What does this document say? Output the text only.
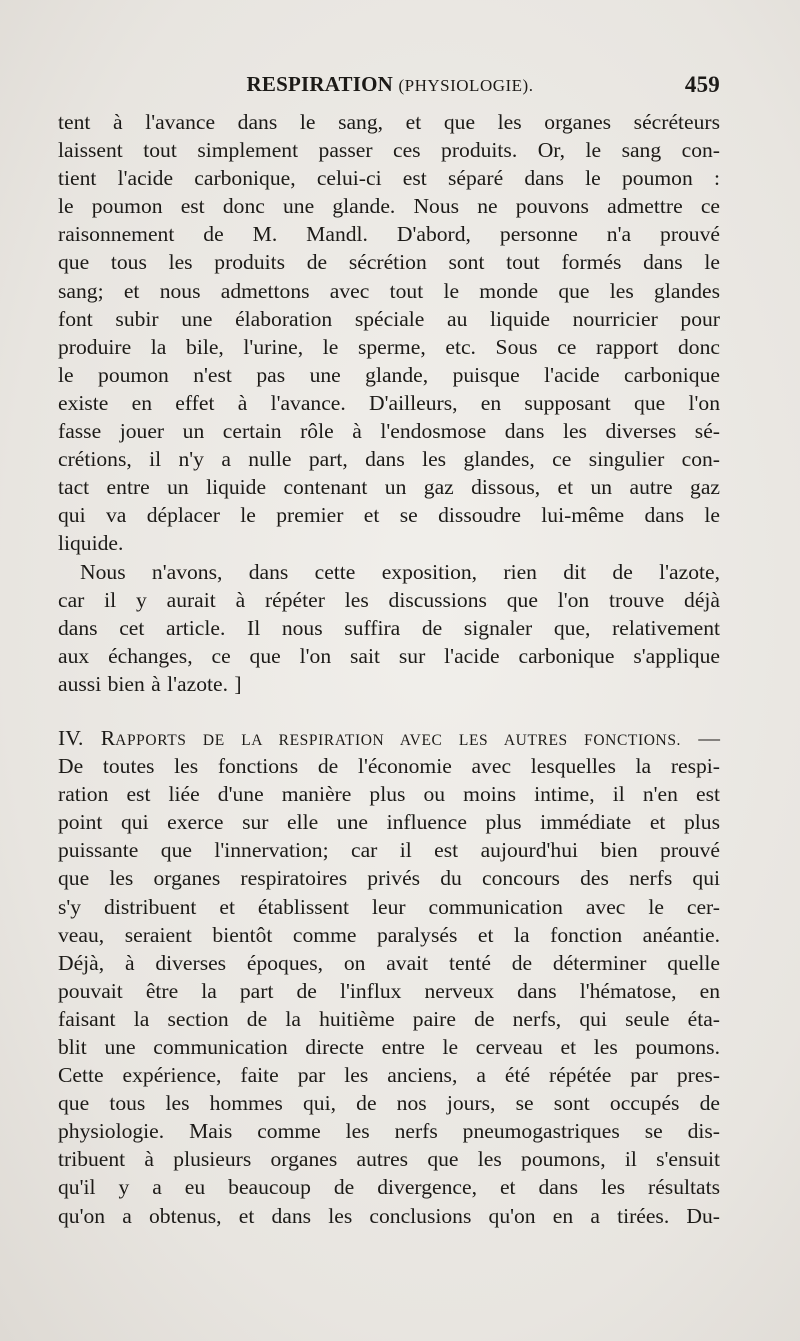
RESPIRATION (PHYSIOLOGIE).	459
tent à l'avance dans le sang, et que les organes sécréteurs
laissent tout simplement passer ces produits. Or, le sang con-
tient l'acide carbonique, celui-ci est séparé dans le poumon :
le poumon est donc une glande. Nous ne pouvons admettre ce
raisonnement de M. Mandl. D'abord, personne n'a prouvé
que tous les produits de sécrétion sont tout formés dans le
sang; et nous admettons avec tout le monde que les glandes
font subir une élaboration spéciale au liquide nourricier pour
produire la bile, l'urine, le sperme, etc. Sous ce rapport donc
le poumon n'est pas une glande, puisque l'acide carbonique
existe en effet à l'avance. D'ailleurs, en supposant que l'on
fasse jouer un certain rôle à l'endosmose dans les diverses sé-
crétions, il n'y a nulle part, dans les glandes, ce singulier con-
tact entre un liquide contenant un gaz dissous, et un autre gaz
qui va déplacer le premier et se dissoudre lui-même dans le
liquide.
Nous n'avons, dans cette exposition, rien dit de l'azote,
car il y aurait à répéter les discussions que l'on trouve déjà
dans cet article. Il nous suffira de signaler que, relativement
aux échanges, ce que l'on sait sur l'acide carbonique s'applique
aussi bien à l'azote. ]
IV. RAPPORTS DE LA RESPIRATION AVEC LES AUTRES FONCTIONS. —
De toutes les fonctions de l'économie avec lesquelles la respi-
ration est liée d'une manière plus ou moins intime, il n'en est
point qui exerce sur elle une influence plus immédiate et plus
puissante que l'innervation; car il est aujourd'hui bien prouvé
que les organes respiratoires privés du concours des nerfs qui
s'y distribuent et établissent leur communication avec le cer-
veau, seraient bientôt comme paralysés et la fonction anéantie.
Déjà, à diverses époques, on avait tenté de déterminer quelle
pouvait être la part de l'influx nerveux dans l'hématose, en
faisant la section de la huitième paire de nerfs, qui seule éta-
blit une communication directe entre le cerveau et les poumons.
Cette expérience, faite par les anciens, a été répétée par pres-
que tous les hommes qui, de nos jours, se sont occupés de
physiologie. Mais comme les nerfs pneumogastriques se dis-
tribuent à plusieurs organes autres que les poumons, il s'ensuit
qu'il y a eu beaucoup de divergence, et dans les résultats
qu'on a obtenus, et dans les conclusions qu'on en a tirées. Du-
